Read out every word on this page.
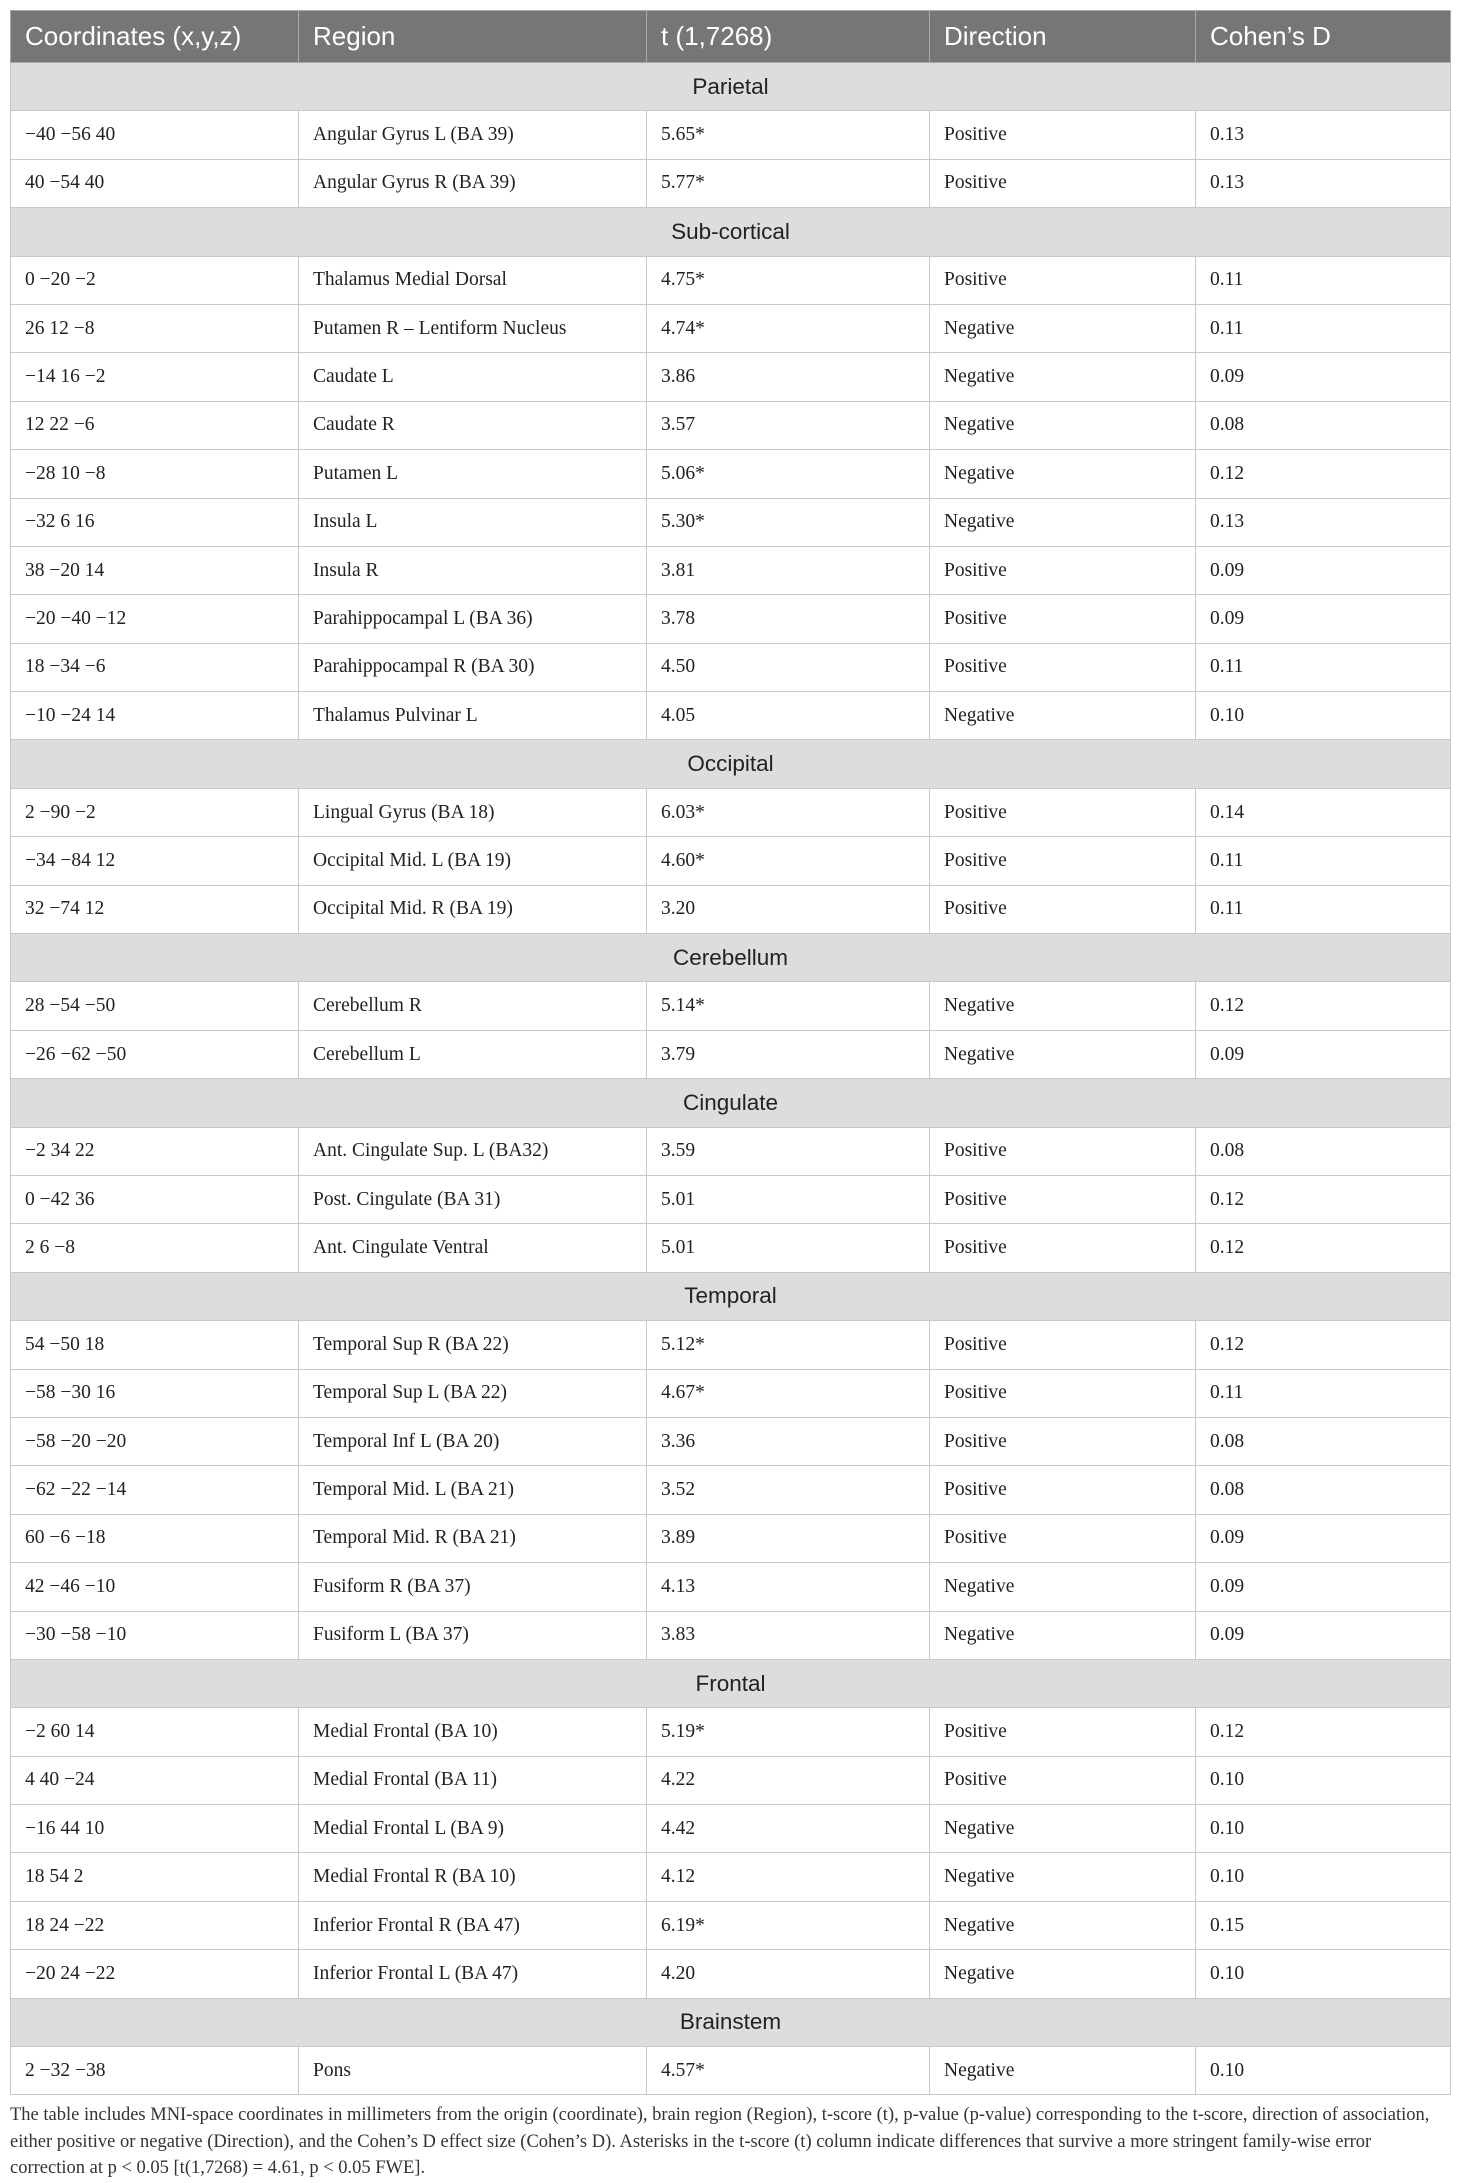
Coordinates (x,y,z)	Region	t (1,7268)	Direction	Cohen’s D
Parietal				
−40 −56 40	Angular Gyrus L (BA 39)	5.65*	Positive	0.13
40 −54 40	Angular Gyrus R (BA 39)	5.77*	Positive	0.13
Sub-cortical				
0 −20 −2	Thalamus Medial Dorsal	4.75*	Positive	0.11
26 12 −8	Putamen R – Lentiform Nucleus	4.74*	Negative	0.11
−14 16 −2	Caudate L	3.86	Negative	0.09
12 22 −6	Caudate R	3.57	Negative	0.08
−28 10 −8	Putamen L	5.06*	Negative	0.12
−32 6 16	Insula L	5.30*	Negative	0.13
38 −20 14	Insula R	3.81	Positive	0.09
−20 −40 −12	Parahippocampal L (BA 36)	3.78	Positive	0.09
18 −34 −6	Parahippocampal R (BA 30)	4.50	Positive	0.11
−10 −24 14	Thalamus Pulvinar L	4.05	Negative	0.10
Occipital				
2 −90 −2	Lingual Gyrus (BA 18)	6.03*	Positive	0.14
−34 −84 12	Occipital Mid. L (BA 19)	4.60*	Positive	0.11
32 −74 12	Occipital Mid. R (BA 19)	3.20	Positive	0.11
Cerebellum				
28 −54 −50	Cerebellum R	5.14*	Negative	0.12
−26 −62 −50	Cerebellum L	3.79	Negative	0.09
Cingulate				
−2 34 22	Ant. Cingulate Sup. L (BA32)	3.59	Positive	0.08
0 −42 36	Post. Cingulate (BA 31)	5.01	Positive	0.12
2 6 −8	Ant. Cingulate Ventral	5.01	Positive	0.12
Temporal				
54 −50 18	Temporal Sup R (BA 22)	5.12*	Positive	0.12
−58 −30 16	Temporal Sup L (BA 22)	4.67*	Positive	0.11
−58 −20 −20	Temporal Inf L (BA 20)	3.36	Positive	0.08
−62 −22 −14	Temporal Mid. L (BA 21)	3.52	Positive	0.08
60 −6 −18	Temporal Mid. R (BA 21)	3.89	Positive	0.09
42 −46 −10	Fusiform R (BA 37)	4.13	Negative	0.09
−30 −58 −10	Fusiform L (BA 37)	3.83	Negative	0.09
Frontal				
−2 60 14	Medial Frontal (BA 10)	5.19*	Positive	0.12
4 40 −24	Medial Frontal (BA 11)	4.22	Positive	0.10
−16 44 10	Medial Frontal L (BA 9)	4.42	Negative	0.10
18 54 2	Medial Frontal R (BA 10)	4.12	Negative	0.10
18 24 −22	Inferior Frontal R (BA 47)	6.19*	Negative	0.15
−20 24 −22	Inferior Frontal L (BA 47)	4.20	Negative	0.10
Brainstem				
2 −32 −38	Pons	4.57*	Negative	0.10
The table includes MNI-space coordinates in millimeters from the origin (coordinate), brain region (Region), t-score (t), p-value (p-value) corresponding to the t-score, direction of association, either positive or negative (Direction), and the Cohen’s D effect size (Cohen’s D). Asterisks in the t-score (t) column indicate differences that survive a more stringent family-wise error correction at p < 0.05 [t(1,7268) = 4.61, p < 0.05 FWE].
